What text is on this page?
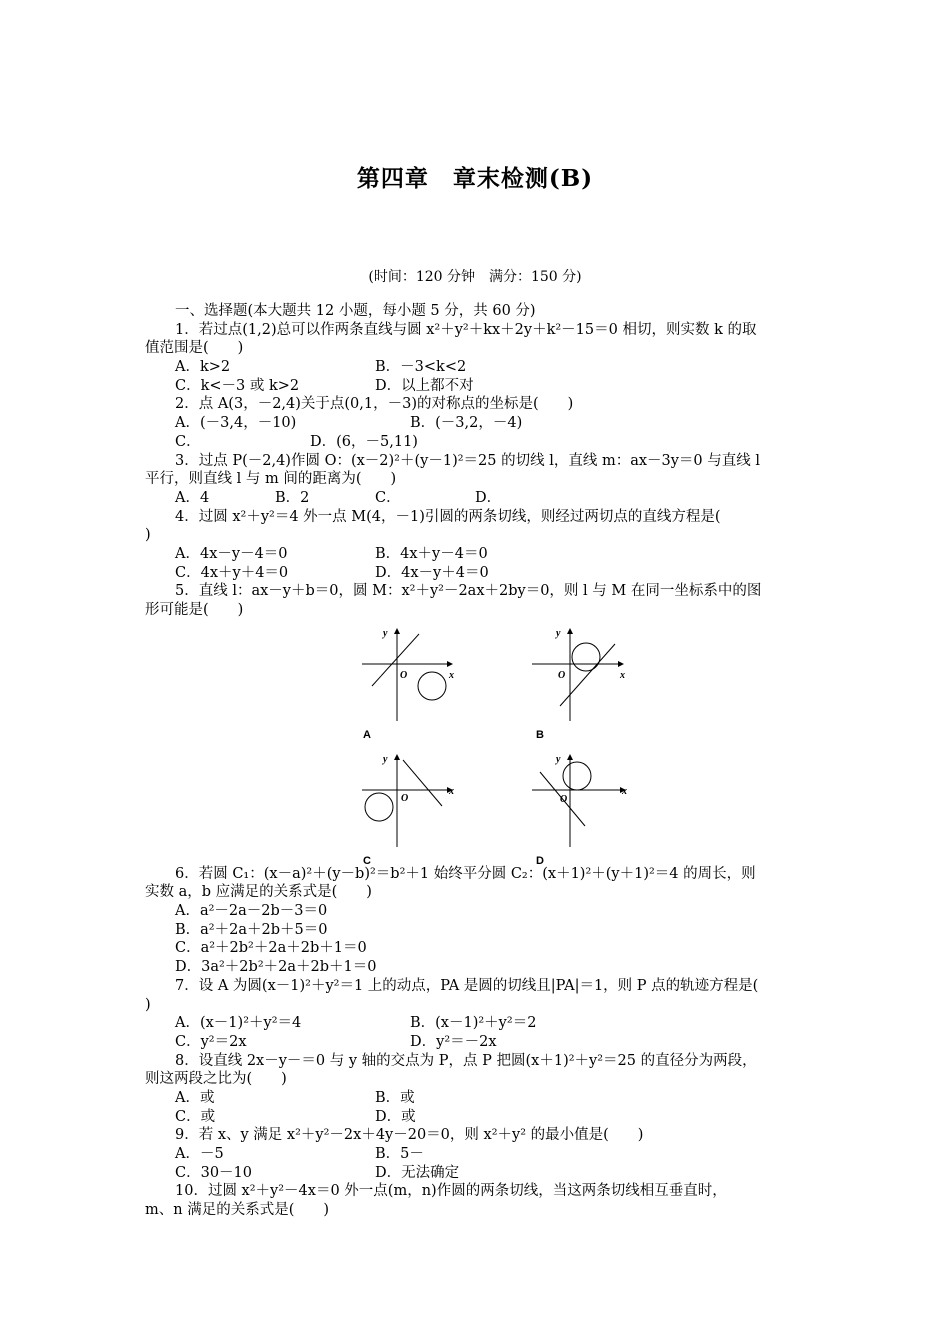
第四章　章末检测(B)
(时间：120 分钟　满分：150 分)
一、选择题(本大题共 12 小题，每小题 5 分，共 60 分)
1．若过点(1,2)总可以作两条直线与圆 x²＋y²＋kx＋2y＋k²－15＝0 相切，则实数 k 的取
值范围是(　　)
A．k>2	B．－3<k<2
C．k<－3 或 k>2	D．以上都不对
2．点 A(3，－2,4)关于点(0,1，－3)的对称点的坐标是(　　)
A．(－3,4，－10)	B．(－3,2，－4)
C．	D．(6，－5,11)
3．过点 P(－2,4)作圆 O：(x－2)²＋(y－1)²＝25 的切线 l，直线 m：ax－3y＝0 与直线 l
平行，则直线 l 与 m 间的距离为(　　)
A．4	B．2	C．	D．
4．过圆 x²＋y²＝4 外一点 M(4，－1)引圆的两条切线，则经过两切点的直线方程是(
)
A．4x－y－4＝0	B．4x＋y－4＝0
C．4x＋y＋4＝0	D．4x－y＋4＝0
5．直线 l：ax－y＋b＝0，圆 M：x²＋y²－2ax＋2by＝0，则 l 与 M 在同一坐标系中的图
形可能是(　　)
y
x
O
A
y
x
O
B
y
x
O
C
y
x
O
D
6．若圆 C₁：(x－a)²＋(y－b)²＝b²＋1 始终平分圆 C₂：(x＋1)²＋(y＋1)²＝4 的周长，则
实数 a，b 应满足的关系式是(　　)
A．a²－2a－2b－3＝0
B．a²＋2a＋2b＋5＝0
C．a²＋2b²＋2a＋2b＋1＝0
D．3a²＋2b²＋2a＋2b＋1＝0
7．设 A 为圆(x－1)²＋y²＝1 上的动点，PA 是圆的切线且|PA|＝1，则 P 点的轨迹方程是(
)
A．(x－1)²＋y²＝4	B．(x－1)²＋y²＝2
C．y²＝2x	D．y²＝－2x
8．设直线 2x－y－＝0 与 y 轴的交点为 P，点 P 把圆(x＋1)²＋y²＝25 的直径分为两段，
则这两段之比为(　　)
A．或	B．或
C．或	D．或
9．若 x、y 满足 x²＋y²－2x＋4y－20＝0，则 x²＋y² 的最小值是(　　)
A．－5	B．5－
C．30－10	D．无法确定
10．过圆 x²＋y²－4x＝0 外一点(m，n)作圆的两条切线，当这两条切线相互垂直时，
m、n 满足的关系式是(　　)
